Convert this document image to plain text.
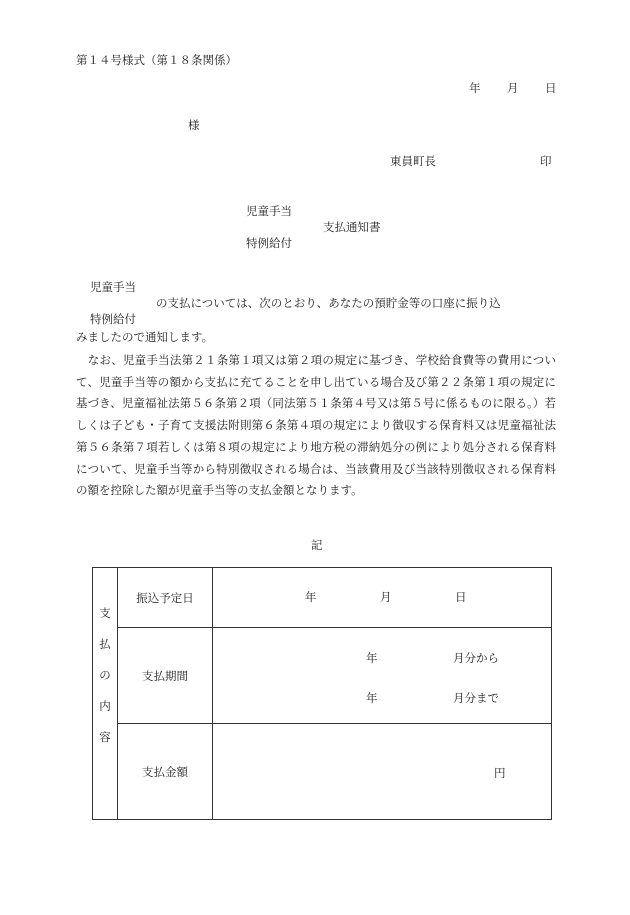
第１４号様式（第１８条関係）
年 月 日
様
東員町長	印
児童手当
支払通知書
特例給付
児童手当
の支払については、次のとおり、あなたの預貯金等の口座に振り込
特例給付
みましたので通知します。

　なお、児童手当法第２１条第１項又は第２項の規定に基づき、学校給食費等の費用について、児童手当等の額から支払に充てることを申し出ている場合及び第２２条第１項の規定に基づき、児童福祉法第５６条第２項（同法第５１条第４号又は第５号に係るものに限る。）若しくは子ども・子育て支援法附則第６条第４項の規定により徴収する保育料又は児童福祉法第５６条第７項若しくは第８項の規定により地方税の滞納処分の例により処分される保育料について、児童手当等から特別徴収される場合は、当該費用及び当該特別徴収される保育料の額を控除した額が児童手当等の支払金額となります。

記
支
払
の
内
容	振込予定日	年 月 日

	支払期間	年 月分から
年 月分まで

	支払金額	円
